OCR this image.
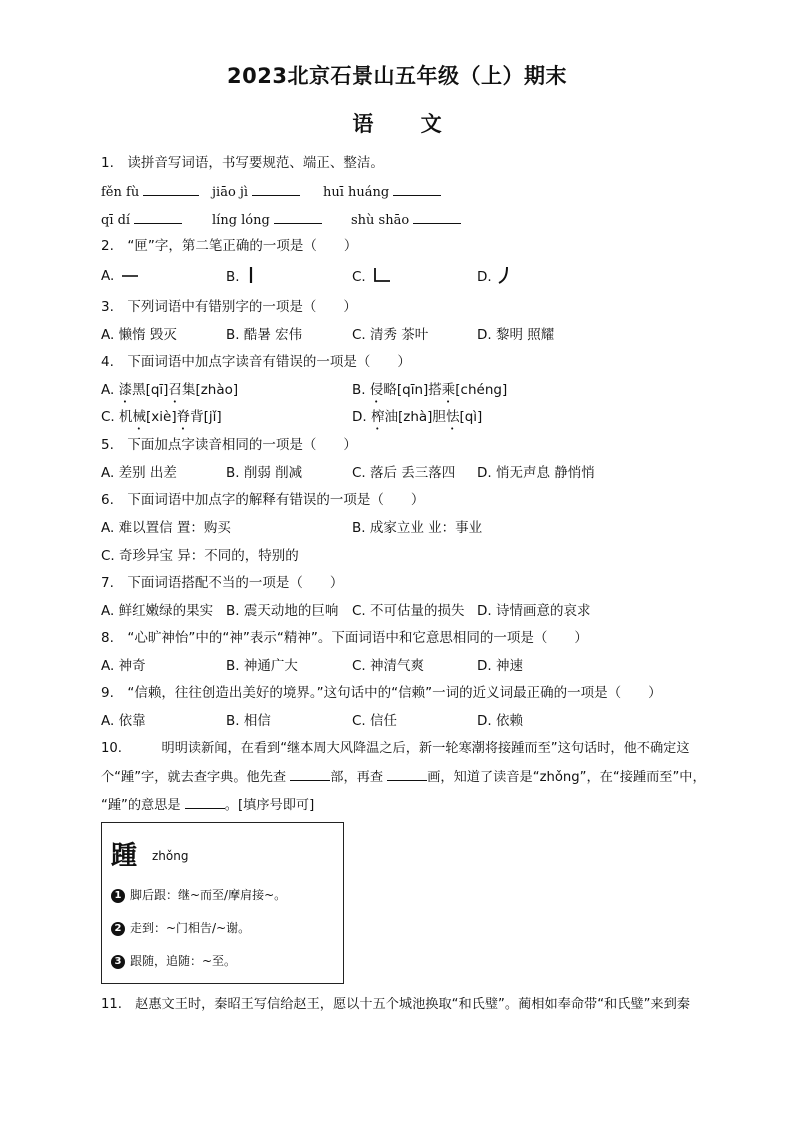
2023北京石景山五年级（上）期末
语 文
1.　读拼音写词语，书写要规范、端正、整洁。
fěn fù	jiāo jì	huī huáng
qī dí	líng lóng	shù shāo
2.　“匣”字，第二笔正确的一项是（　　）
A.	B.	C.	D.
3.　下列词语中有错别字的一项是（　　）
A. 懒惰 毁灭	B. 酷暑 宏伟	C. 清秀 茶叶	D. 黎明 照耀
4.　下面词语中加点字读音有错误的一项是（　　）
A. 漆黑[qī]召集[zhào]	B. 侵略[qīn]搭乘[chéng]
C. 机械[xiè]脊背[jǐ]	D. 榨油[zhà]胆怯[qì]
5.　下面加点字读音相同的一项是（　　）
A. 差别 出差	B. 削弱 削减	C. 落后 丢三落四 D. 悄无声息 静悄悄
6.　下面词语中加点字的解释有错误的一项是（　　）
A. 难以置信 置：购买	B. 成家立业 业：事业
C. 奇珍异宝 异：不同的，特别的
7.　下面词语搭配不当的一项是（　　）
A. 鲜红嫩绿的果实 B. 震天动地的巨响 C. 不可估量的损失 D. 诗情画意的哀求
8.　“心旷神怡”中的“神”表示“精神”。下面词语中和它意思相同的一项是（　　）
A. 神奇	B. 神通广大	C. 神清气爽	D. 神速
9.　“信赖，往往创造出美好的境界。”这句话中的“信赖”一词的近义词最正确的一项是（　　）
A. 依靠	B. 相信	C. 信任	D. 依赖
10.　　　明明读新闻，在看到“继本周大风降温之后，新一轮寒潮将接踵而至”这句话时，他不确定这
个“踵”字，就去查字典。他先查	部，再查	画，知道了读音是“zhǒng”，在“接踵而至”中，
“踵”的意思是	。[填序号即可]
踵 zhǒng
1 脚后跟：继~而至/摩肩接~。
2 走到：~门相告/~谢。
3 跟随，追随：~至。
11.　赵惠文王时，秦昭王写信给赵王，愿以十五个城池换取“和氏璧”。蔺相如奉命带“和氏璧”来到秦
